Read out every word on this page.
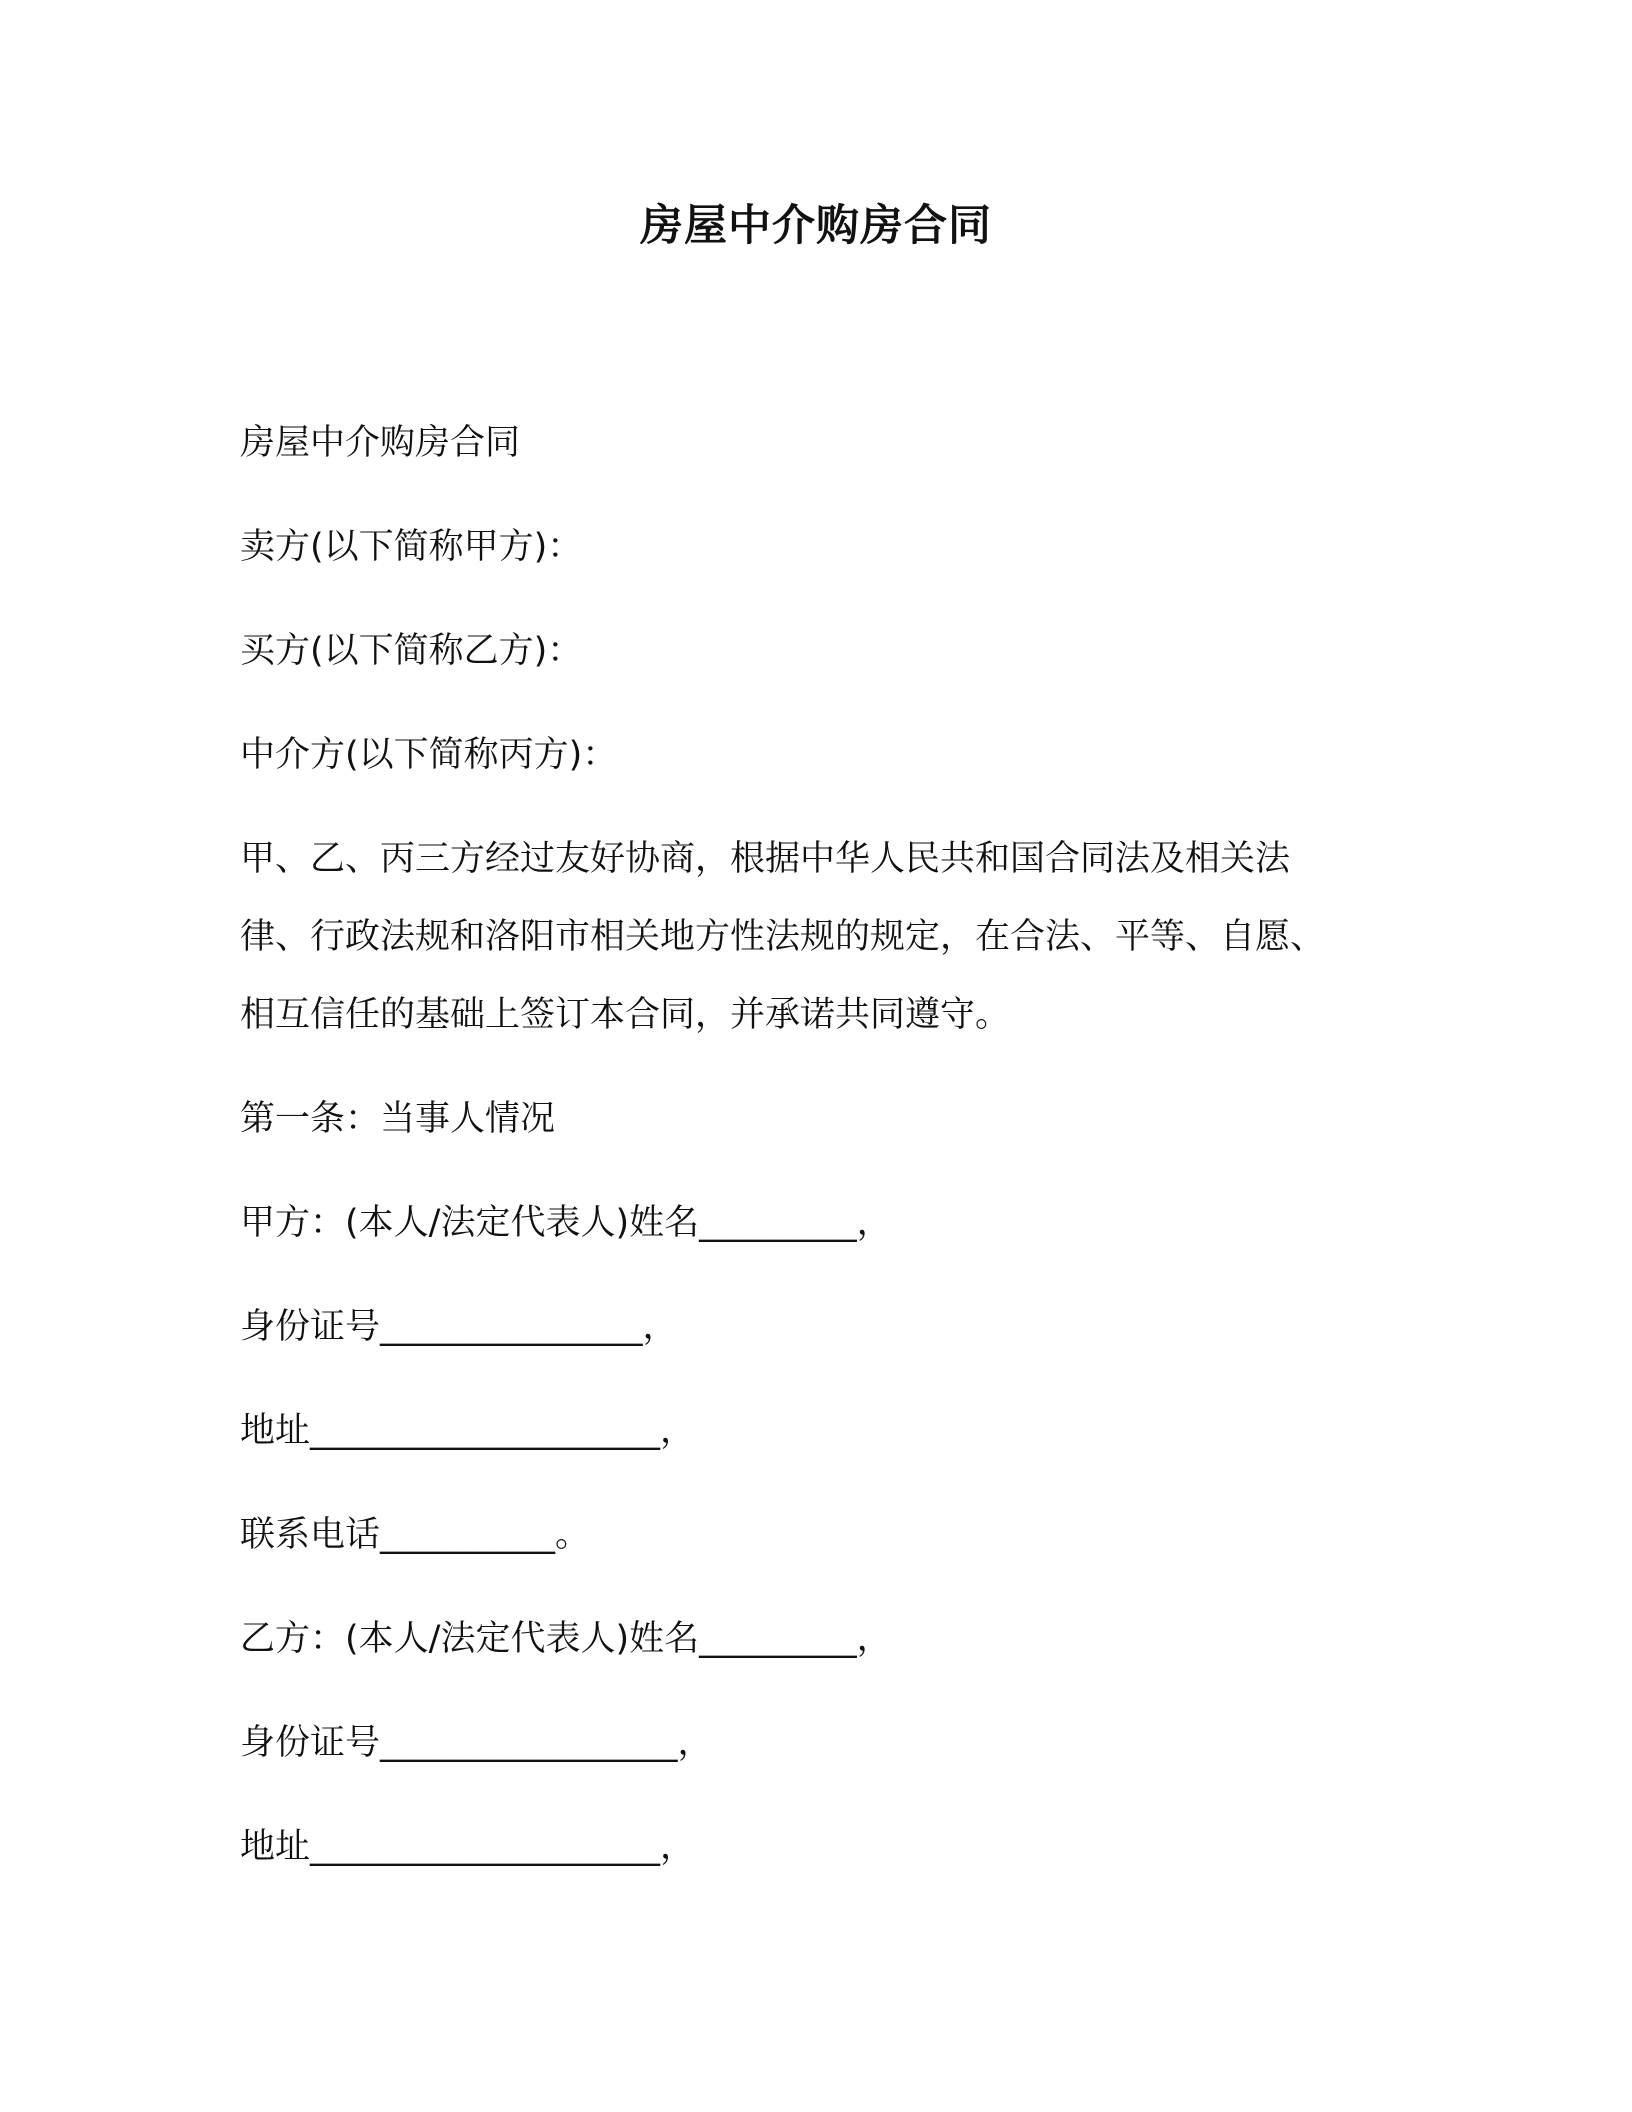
房屋中介购房合同
房屋中介购房合同
卖方(以下简称甲方)：
买方(以下简称乙方)：
中介方(以下简称丙方)：
甲、乙、丙三方经过友好协商，根据中华人民共和国合同法及相关法
律、行政法规和洛阳市相关地方性法规的规定，在合法、平等、自愿、
相互信任的基础上签订本合同，并承诺共同遵守。
第一条：当事人情况
甲方：(本人/法定代表人)姓名_________，
身份证号_______________，
地址____________________，
联系电话__________。
乙方：(本人/法定代表人)姓名_________，
身份证号_________________，
地址____________________，
